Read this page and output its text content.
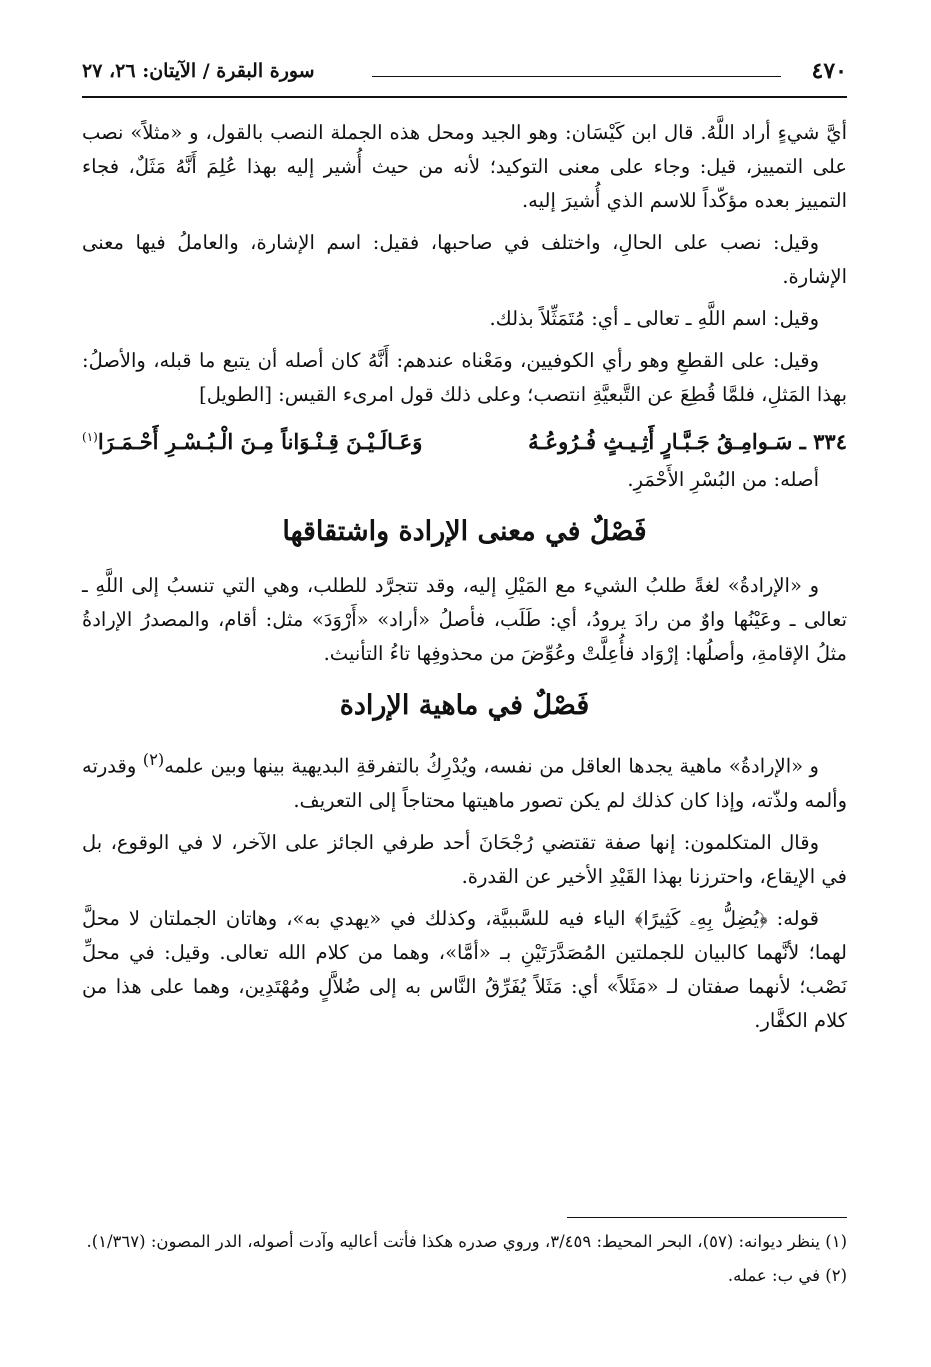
٤٧٠
سورة البقرة / الآيتان: ٢٦، ٢٧

أيَّ شيءٍ أراد اللَّهُ. قال ابن كَيْسَان: وهو الجيد ومحل هذه الجملة النصب بالقول، و «مثلاً» نصب على التمييز، قيل: وجاء على معنى التوكيد؛ لأنه من حيث أُشير إليه بهذا عُلِمَ أَنَّهُ مَثَلٌ، فجاء التمييز بعده مؤكّداً للاسم الذي أُشيرَ إليه.

وقيل: نصب على الحالِ، واختلف في صاحبها، فقيل: اسم الإشارة، والعاملُ فيها معنى الإشارة.

وقيل: اسم اللَّهِ ـ تعالى ـ أي: مُتَمَثِّلاً بذلك.

وقيل: على القطعِ وهو رأي الكوفيين، ومَعْناه عندهم: أَنَّهُ كان أصله أن يتبع ما قبله، والأصلُ: بهذا المَثلِ، فلمَّا قُطِعَ عن التَّبعيَّةِ انتصب؛ وعلى ذلك قول امرىء القيس: [الطويل]

٣٣٤ ـ سَـوامِـقُ جَـبَّـارٍ أَثِـيـثٍ فُـرُوعُـهُ
وَعَـالَـيْـنَ قِـنْـوَاناً مِـنَ الْـبُـسْـرِ أَحْـمَـرَا$^{(١)}$

أصله: من البُسْرِ الأَحْمَرِ.

فَصْلٌ في معنى الإرادة واشتقاقها

و «الإرادةُ» لغةً طلبُ الشيء مع المَيْلِ إليه، وقد تتجرَّد للطلب، وهي التي تنسبُ إلى اللَّهِ ـ تعالى ـ وعَيْنُها واوٌ من رادَ يرودُ، أي: طَلَب، فأصلُ «أراد» «أَرْوَدَ» مثل: أقام، والمصدرُ الإرادةُ مثلُ الإقامةِ، وأصلُها: إرْوَاد فأُعِلَّتْ وعُوِّضَ من محذوفِها تاءُ التأنيث.

فَصْلٌ في ماهية الإرادة

و «الإرادةُ» ماهية يجدها العاقل من نفسه، ويُدْرِكُ بالتفرقةِ البديهية بينها وبين علمه$^{(٢)}$ وقدرته وألمه ولذّته، وإذا كان كذلك لم يكن تصور ماهيتها محتاجاً إلى التعريف.

وقال المتكلمون: إنها صفة تقتضي رُجْحَانَ أحد طرفي الجائز على الآخر، لا في الوقوع، بل في الإيقاع، واحترزنا بهذا القَيْدِ الأخير عن القدرة.

قوله: ﴿يُضِلُّ بِهِۦ كَثِيرًا﴾ الياء فيه للسَّببيَّة، وكذلك في «يهدي به»، وهاتان الجملتان لا محلَّ لهما؛ لأنَّهما كالبيان للجملتين المُصَدَّرَتَيْنِ بـ «أمَّا»، وهما من كلام الله تعالى. وقيل: في محلِّ نَصْب؛ لأنهما صفتان لـ «مَثَلاً» أي: مَثَلاً يُفَرِّقُ النَّاس به إلى ضُلاَّلٍ ومُهْتَدِين، وهما على هذا من كلام الكفَّار.

(١) ينظر ديوانه: (٥٧)، البحر المحيط: ٣/٤٥٩، وروي صدره هكذا فأتت أعاليه وآدت أصوله، الدر المصون: (١/٣٦٧).

(٢) في ب: عمله.
